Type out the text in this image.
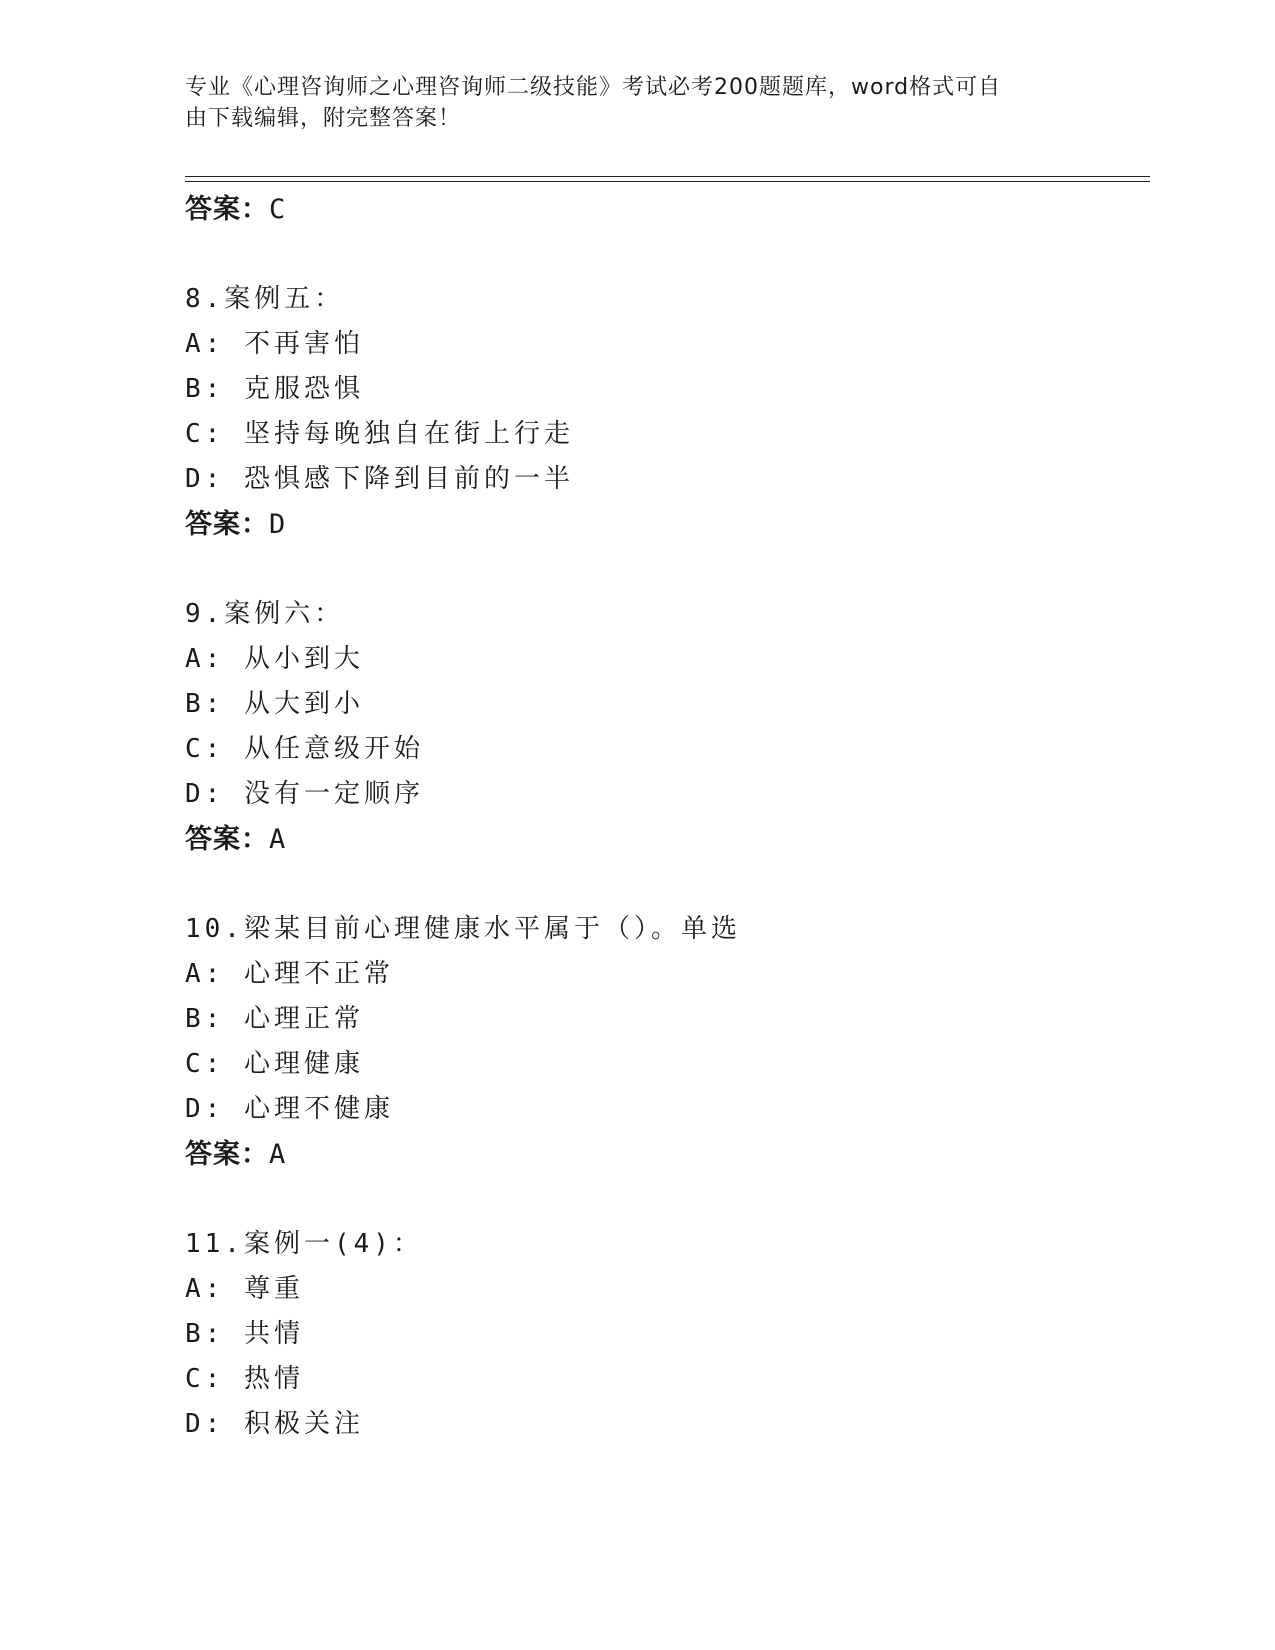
专业《心理咨询师之心理咨询师二级技能》考试必考200题题库，word格式可自
由下载编辑，附完整答案！
答案：C
8.案例五：
A: 不再害怕
B: 克服恐惧
C: 坚持每晚独自在街上行走
D: 恐惧感下降到目前的一半
答案：D
9.案例六：
A: 从小到大
B: 从大到小
C: 从任意级开始
D: 没有一定顺序
答案：A
10.梁某目前心理健康水平属于（）。单选
A: 心理不正常
B: 心理正常
C: 心理健康
D: 心理不健康
答案：A
11.案例一(4)：
A: 尊重
B: 共情
C: 热情
D: 积极关注
